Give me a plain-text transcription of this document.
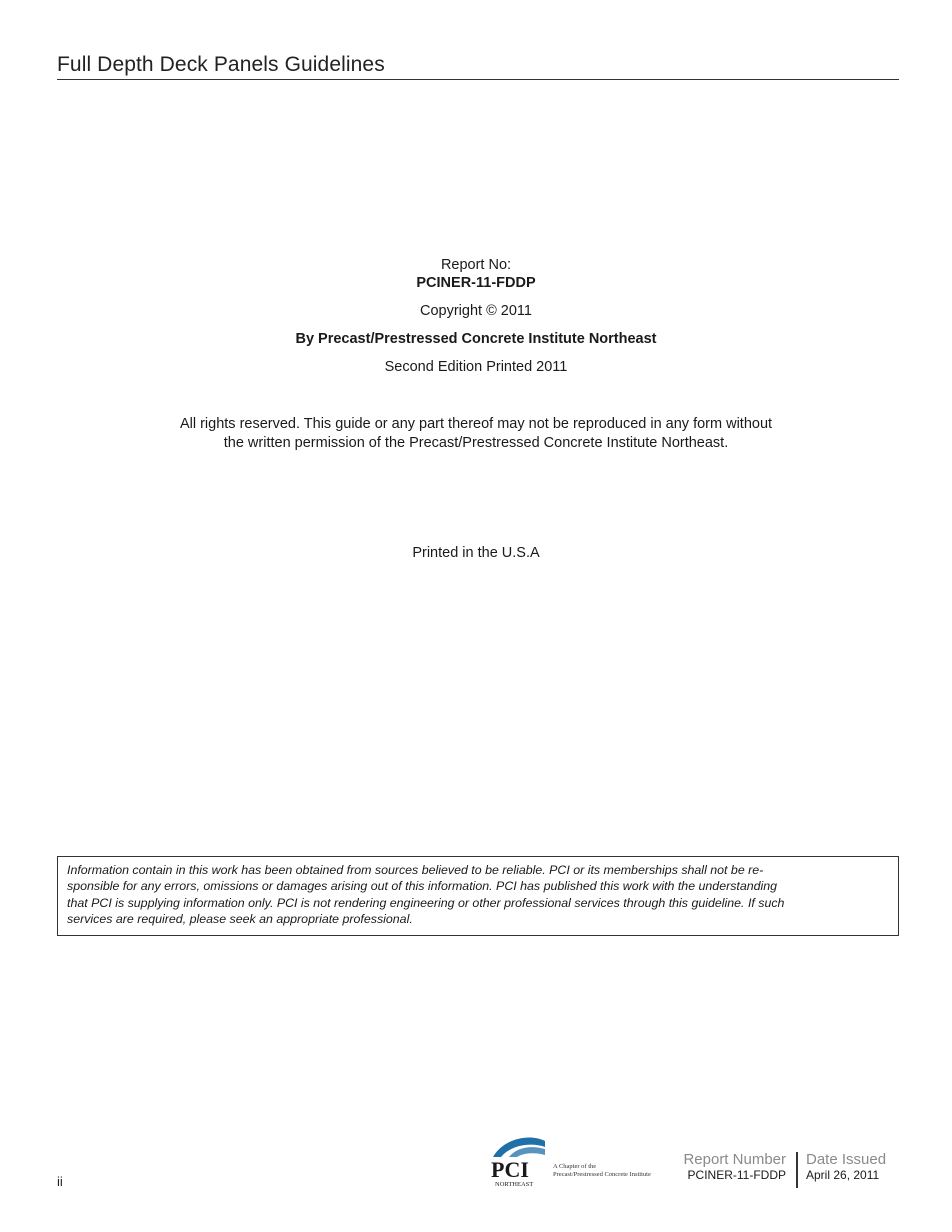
Full Depth Deck Panels Guidelines
Report No:
PCINER-11-FDDP
Copyright © 2011
By Precast/Prestressed Concrete Institute Northeast
Second Edition Printed 2011
All rights reserved. This guide or any part thereof may not be reproduced in any form without
the written permission of the Precast/Prestressed Concrete Institute Northeast.
Printed in the U.S.A
Information contain in this work has been obtained from sources believed to be reliable. PCI or its memberships shall not be re-
sponsible for any errors, omissions or damages arising out of this information. PCI has published this work with the understanding
that PCI is supplying information only. PCI is not rendering engineering or other professional services through this guideline. If such
services are required, please seek an appropriate professional.
ii	PCI
NORTHEAST
A Chapter of the
Precast/Prestressed Concrete Institute
Report Number
PCINER-11-FDDP
Date Issued
April 26, 2011
